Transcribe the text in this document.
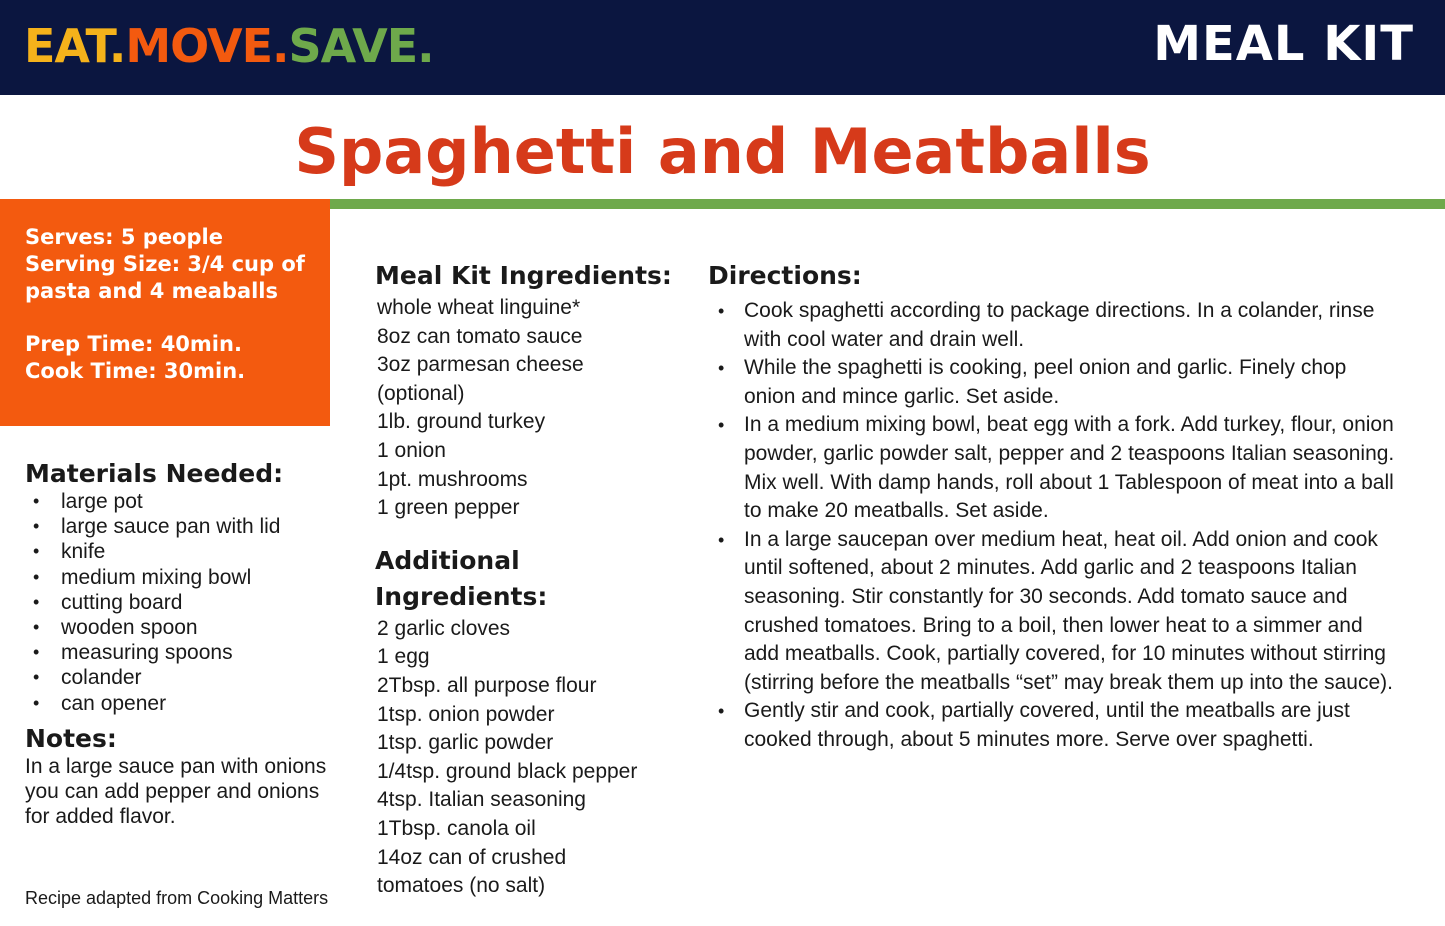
EAT.MOVE.SAVE.	MEAL KIT
Spaghetti and Meatballs
Serves: 5 people
Serving Size: 3/4 cup of
pasta and 4 meaballs
Prep Time: 40min.
Cook Time: 30min.
Materials Needed:
• large pot
• large sauce pan with lid
• knife
• medium mixing bowl
• cutting board
• wooden spoon
• measuring spoons
• colander
• can opener
Notes:
In a large sauce pan with onions you can add pepper and onions for added flavor.
Recipe adapted from Cooking Matters
Meal Kit Ingredients:
whole wheat linguine*
8oz can tomato sauce
3oz parmesan cheese
(optional)
1lb. ground turkey
1 onion
1pt. mushrooms
1 green pepper
Additional Ingredients:
2 garlic cloves
1 egg
2Tbsp. all purpose flour
1tsp. onion powder
1tsp. garlic powder
1/4tsp. ground black pepper
4tsp. Italian seasoning
1Tbsp. canola oil
14oz can of crushed
tomatoes (no salt)
Directions:
• Cook spaghetti according to package directions. In a colander, rinse with cool water and drain well.
• While the spaghetti is cooking, peel onion and garlic. Finely chop onion and mince garlic. Set aside.
• In a medium mixing bowl, beat egg with a fork. Add turkey, flour, onion powder, garlic powder salt, pepper and 2 teaspoons Italian seasoning. Mix well. With damp hands, roll about 1 Tablespoon of meat into a ball to make 20 meatballs. Set aside.
• In a large saucepan over medium heat, heat oil. Add onion and cook until softened, about 2 minutes. Add garlic and 2 teaspoons Italian seasoning. Stir constantly for 30 seconds. Add tomato sauce and crushed tomatoes. Bring to a boil, then lower heat to a simmer and add meatballs. Cook, partially covered, for 10 minutes without stirring (stirring before the meatballs “set” may break them up into the sauce).
• Gently stir and cook, partially covered, until the meatballs are just cooked through, about 5 minutes more. Serve over spaghetti.
